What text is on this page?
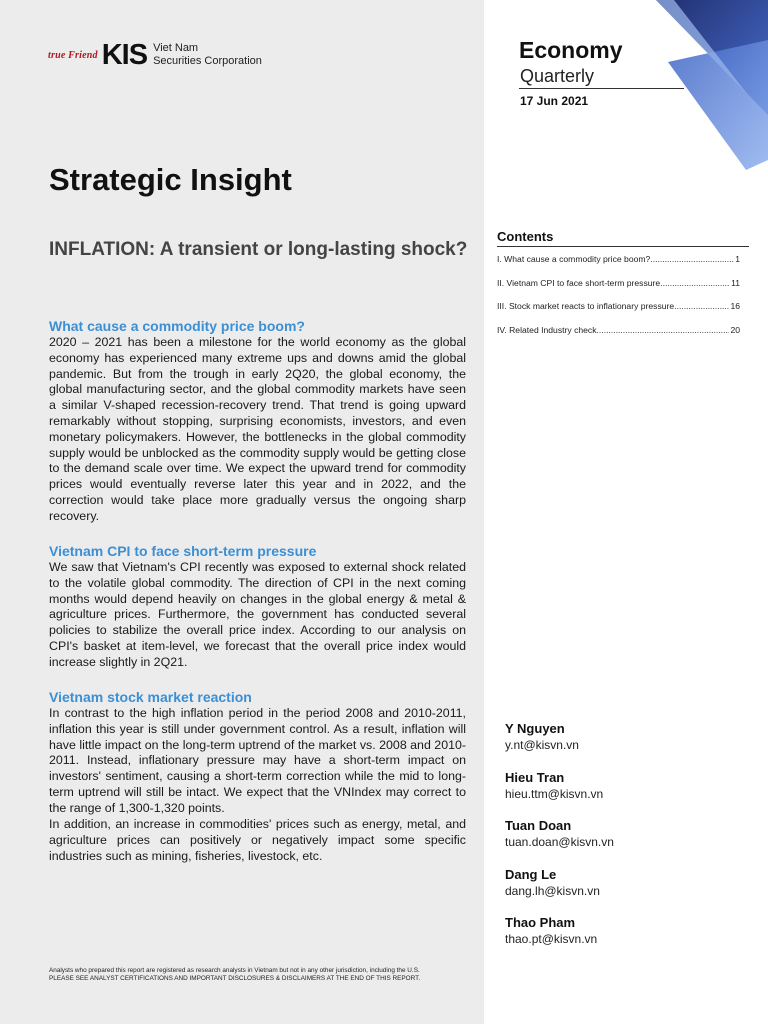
true Friend KIS Viet Nam
Securities Corporation
Strategic Insight
INFLATION: A transient or long-lasting shock?
What cause a commodity price boom?

2020 – 2021 has been a milestone for the world economy as the global economy has experienced many extreme ups and downs amid the global pandemic. But from the trough in early 2Q20, the global economy, the global manufacturing sector, and the global commodity markets have seen a similar V-shaped recession-recovery trend. That trend is going upward remarkably without stopping, surprising economists, investors, and even monetary policymakers. However, the bottlenecks in the global commodity supply would be unblocked as the commodity supply would be getting close to the demand scale over time. We expect the upward trend for commodity prices would eventually reverse later this year and in 2022, and the correction would take place more gradually versus the ongoing sharp recovery.

Vietnam CPI to face short-term pressure

We saw that Vietnam's CPI recently was exposed to external shock related to the volatile global commodity. The direction of CPI in the next coming months would depend heavily on changes in the global energy & metal & agriculture prices. Furthermore, the government has conducted several policies to stabilize the overall price index. According to our analysis on CPI's basket at item-level, we forecast that the overall price index would increase slightly in 2Q21.

Vietnam stock market reaction

In contrast to the high inflation period in the period 2008 and 2010-2011, inflation this year is still under government control. As a result, inflation will have little impact on the long-term uptrend of the market vs. 2008 and 2010-2011. Instead, inflationary pressure may have a short-term impact on investors' sentiment, causing a short-term correction while the mid to long-term uptrend will still be intact. We expect that the VNIndex may correct to the range of 1,300-1,320 points.

In addition, an increase in commodities' prices such as energy, metal, and agriculture prices can positively or negatively impact some specific industries such as mining, fisheries, livestock, etc.

Analysts who prepared this report are registered as research analysts in Vietnam but not in any other jurisdiction, including the U.S.
PLEASE SEE ANALYST CERTIFICATIONS AND IMPORTANT DISCLOSURES & DISCLAIMERS AT THE END OF THIS REPORT.
Economy
Quarterly
17 Jun 2021
Contents
I. What cause a commodity price boom? .....	1
II. Vietnam CPI to face short-term pressure .....	11
III. Stock market reacts to inflationary pressure .....	16
IV. Related Industry check .....	20
Y Nguyen
y.nt@kisvn.vn
Hieu Tran
hieu.ttm@kisvn.vn
Tuan Doan
tuan.doan@kisvn.vn
Dang Le
dang.lh@kisvn.vn
Thao Pham
thao.pt@kisvn.vn
